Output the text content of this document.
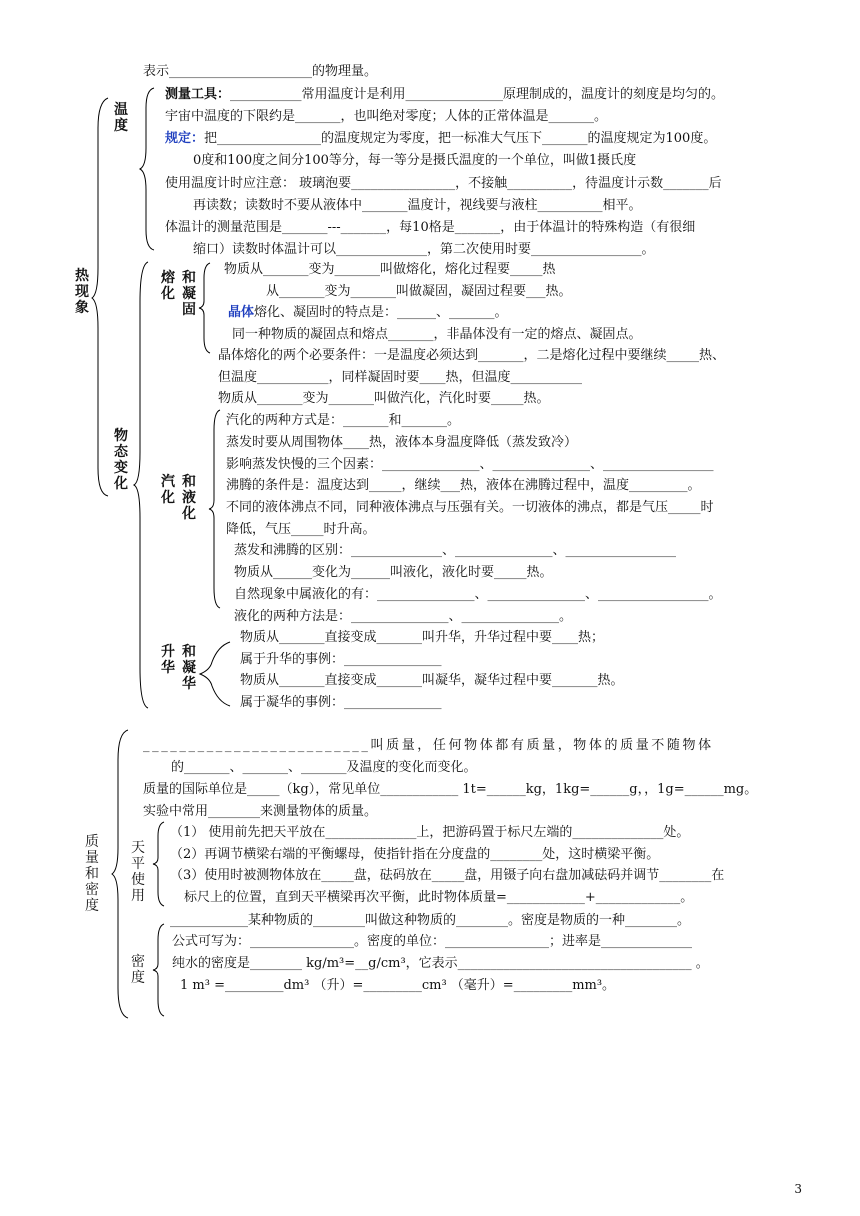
热现象
温度
物态变化
熔化
和
凝固
汽化
和
液化
升华
和
凝华
质量和密度
天平使用
密度
表示______________________的物理量。
测量工具：___________常用温度计是利用_______________原理制成的，温度计的刻度是均匀的。
宇宙中温度的下限约是_______，也叫绝对零度；人体的正常体温是_______。
规定：把________________的温度规定为零度，把一标准大气压下_______的温度规定为100度。
0度和100度之间分100等分，每一等分是摄氏温度的一个单位，叫做1摄氏度
使用温度计时应注意： 玻璃泡要________________，不接触__________，待温度计示数_______后
再读数；读数时不要从液体中_______温度计，视线要与液柱__________相平。
体温计的测量范围是_______---_______，每10格是_______，由于体温计的特殊构造（有很细
缩口）读数时体温计可以______________，第二次使用时要_________________。
物质从_______变为_______叫做熔化，熔化过程要_____热
从_______变为_______叫做凝固，凝固过程要___热。
晶体熔化、凝固时的特点是：______、_______。
同一种物质的凝固点和熔点_______，非晶体没有一定的熔点、凝固点。
晶体熔化的两个必要条件：一是温度必须达到_______，二是熔化过程中要继续_____热、
但温度___________，同样凝固时要____热，但温度___________
物质从_______变为_______叫做汽化，汽化时要_____热。
汽化的两种方式是：_______和_______。
蒸发时要从周围物体____热，液体本身温度降低（蒸发致冷）
影响蒸发快慢的三个因素：_______________、_______________、_________________
沸腾的条件是：温度达到_____，继续___热，液体在沸腾过程中，温度_________。
不同的液体沸点不同，同种液体沸点与压强有关。一切液体的沸点，都是气压_____时
降低，气压_____时升高。
蒸发和沸腾的区别：______________、_______________、_________________
物质从______变化为______叫液化，液化时要_____热。
自然现象中属液化的有：_______________、_______________、_________________。
液化的两种方法是：_______________、_______________。
物质从_______直接变成_______叫升华，升华过程中要____热；
属于升华的事例：_______________
物质从_______直接变成_______叫凝华，凝华过程中要_______热。
属于凝华的事例：_______________
_________________________叫质量，任何物体都有质量，物体的质量不随物体
的_______、_______、_______及温度的变化而变化。
质量的国际单位是_____（kg），常见单位____________ 1t=______kg，1kg=______g，，1g=______mg。
实验中常用________来测量物体的质量。
（1） 使用前先把天平放在______________上，把游码置于标尺左端的______________处。
（2）再调节横梁右端的平衡螺母，使指针指在分度盘的________处，这时横梁平衡。
（3）使用时被测物体放在_____盘，砝码放在_____盘，用镊子向右盘加减砝码并调节________在
标尺上的位置，直到天平横梁再次平衡，此时物体质量=____________+_____________。
____________某种物质的________叫做这种物质的________。密度是物质的一种________。
公式可写为：________________。密度的单位：________________；进率是______________
纯水的密度是________ kg/m³=__g/cm³，它表示____________________________________ 。
1 m³ =_________dm³ （升）=_________cm³ （毫升）=_________mm³。
3
